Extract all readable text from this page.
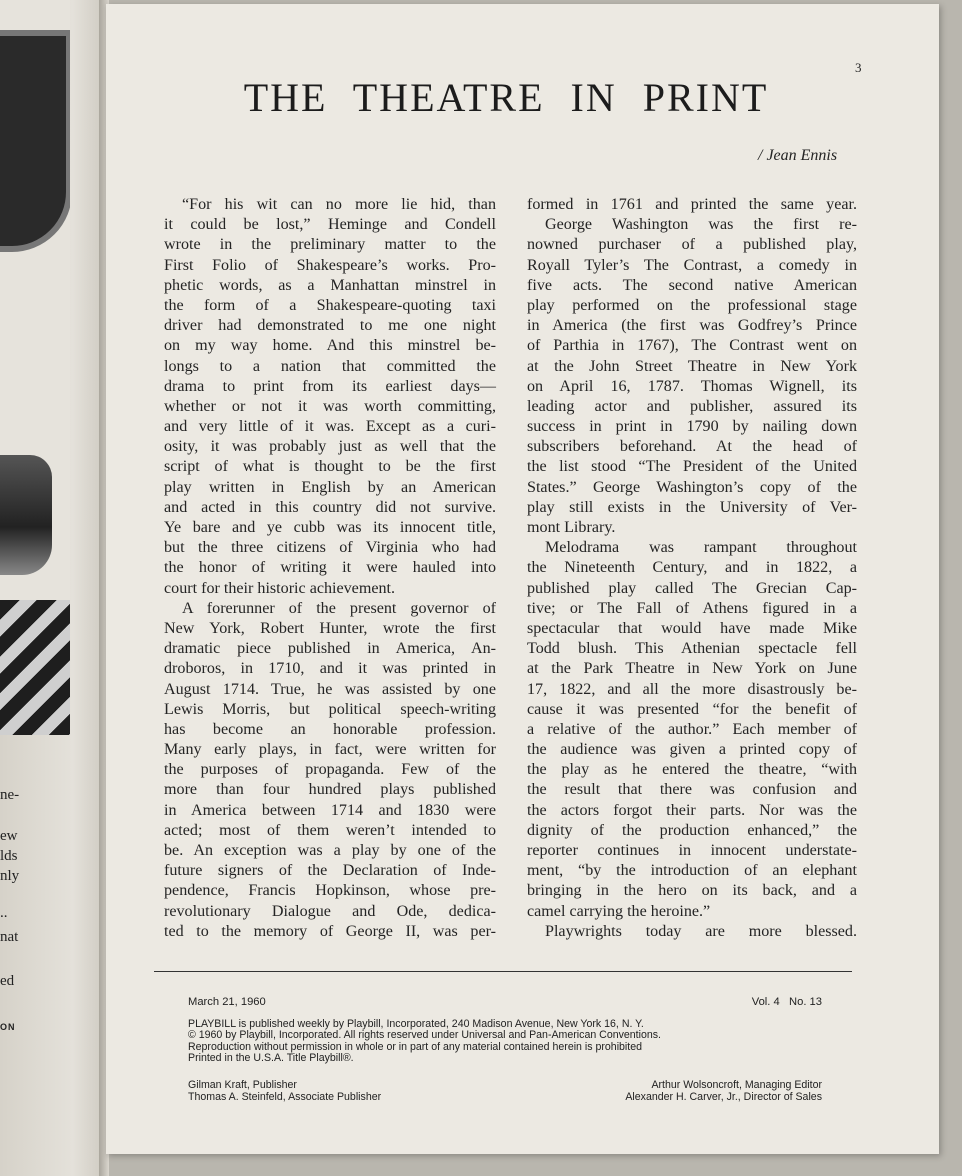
ne-
ew
lds
nly
..
nat
ed
ON
3
THE THEATRE IN PRINT
/ Jean Ennis
“For his wit can no more lie hid, than
it could be lost,” Heminge and Condell
wrote in the preliminary matter to the
First Folio of Shakespeare’s works. Pro-
phetic words, as a Manhattan minstrel in
the form of a Shakespeare-quoting taxi
driver had demonstrated to me one night
on my way home. And this minstrel be-
longs to a nation that committed the
drama to print from its earliest days—
whether or not it was worth committing,
and very little of it was. Except as a curi-
osity, it was probably just as well that the
script of what is thought to be the first
play written in English by an American
and acted in this country did not survive.
Ye bare and ye cubb was its innocent title,
but the three citizens of Virginia who had
the honor of writing it were hauled into
court for their historic achievement.
A forerunner of the present governor of
New York, Robert Hunter, wrote the first
dramatic piece published in America, An-
droboros, in 1710, and it was printed in
August 1714. True, he was assisted by one
Lewis Morris, but political speech-writing
has become an honorable profession.
Many early plays, in fact, were written for
the purposes of propaganda. Few of the
more than four hundred plays published
in America between 1714 and 1830 were
acted; most of them weren’t intended to
be. An exception was a play by one of the
future signers of the Declaration of Inde-
pendence, Francis Hopkinson, whose pre-
revolutionary Dialogue and Ode, dedica-
ted to the memory of George II, was per-
formed in 1761 and printed the same year.
George Washington was the first re-
nowned purchaser of a published play,
Royall Tyler’s The Contrast, a comedy in
five acts. The second native American
play performed on the professional stage
in America (the first was Godfrey’s Prince
of Parthia in 1767), The Contrast went on
at the John Street Theatre in New York
on April 16, 1787. Thomas Wignell, its
leading actor and publisher, assured its
success in print in 1790 by nailing down
subscribers beforehand. At the head of
the list stood “The President of the United
States.” George Washington’s copy of the
play still exists in the University of Ver-
mont Library.
Melodrama was rampant throughout
the Nineteenth Century, and in 1822, a
published play called The Grecian Cap-
tive; or The Fall of Athens figured in a
spectacular that would have made Mike
Todd blush. This Athenian spectacle fell
at the Park Theatre in New York on June
17, 1822, and all the more disastrously be-
cause it was presented “for the benefit of
a relative of the author.” Each member of
the audience was given a printed copy of
the play as he entered the theatre, “with
the result that there was confusion and
the actors forgot their parts. Nor was the
dignity of the production enhanced,” the
reporter continues in innocent understate-
ment, “by the introduction of an elephant
bringing in the hero on its back, and a
camel carrying the heroine.”
Playwrights today are more blessed.
March 21, 1960	Vol. 4   No. 13
PLAYBILL is published weekly by Playbill, Incorporated, 240 Madison Avenue, New York 16, N. Y.
© 1960 by Playbill, Incorporated. All rights reserved under Universal and Pan-American Conventions.
Reproduction without permission in whole or in part of any material contained herein is prohibited
Printed in the U.S.A. Title Playbill®.
Gilman Kraft, Publisher	Arthur Wolsoncroft, Managing Editor
Thomas A. Steinfeld, Associate Publisher	Alexander H. Carver, Jr., Director of Sales
